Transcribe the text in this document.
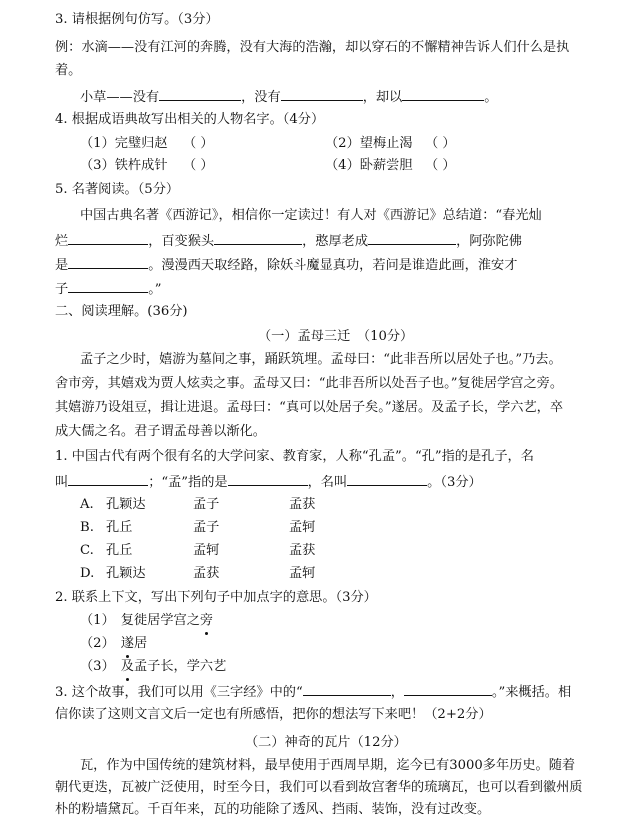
3. 请根据例句仿写。（3分）
例：水滴——没有江河的奔腾，没有大海的浩瀚，却以穿石的不懈精神告诉人们什么是执
着。
小草——没有	，没有	，却以	。
4. 根据成语典故写出相关的人物名字。（4分）
（1）完璧归赵 （ ）	（2）望梅止渴 （ ）
（3）铁杵成针 （ ）	（4）卧薪尝胆 （ ）
5. 名著阅读。（5分）
中国古典名著《西游记》，相信你一定读过！有人对《西游记》总结道：“春光灿
烂	，百变猴头	，憨厚老成	，阿弥陀佛
是	。漫漫西天取经路，除妖斗魔显真功，若问是谁造此画，淮安才
子	。”
二、阅读理解。(36分)
（一）孟母三迁　（10分）
孟子之少时，嬉游为墓间之事，踊跃筑埋。孟母曰：“此非吾所以居处子也。”乃去。
舍市旁，其嬉戏为贾人炫卖之事。孟母又曰：“此非吾所以处吾子也。”复徙居学宫之旁。
其嬉游乃设俎豆，揖让进退。孟母曰：“真可以处居子矣。”遂居。及孟子长，学六艺，卒
成大儒之名。君子谓孟母善以渐化。
1. 中国古代有两个很有名的大学问家、教育家，人称“孔孟”。“孔”指的是孔子，名
叫	；“孟”指的是	，名叫	。（3分）
A. 孔颖达	孟子	孟获
B. 孔丘	孟子	孟轲
C. 孔丘	孟轲	孟获
D. 孔颖达	孟获	孟轲
2. 联系上下文，写出下列句子中加点字的意思。（3分）
（1） 复徙居学宫之旁
（2） 遂居
（3） 及孟子长，学六艺
3. 这个故事，我们可以用《三字经》中的“	，	。”来概括。相
信你读了这则文言文后一定也有所感悟，把你的想法写下来吧！（2+2分）
（二）神奇的瓦片（12分）
瓦，作为中国传统的建筑材料，最早使用于西周早期，迄今已有3000多年历史。随着
朝代更迭，瓦被广泛使用，时至今日，我们可以看到故宫奢华的琉璃瓦，也可以看到徽州质
朴的粉墙黛瓦。千百年来，瓦的功能除了透风、挡雨、装饰，没有过改变。
